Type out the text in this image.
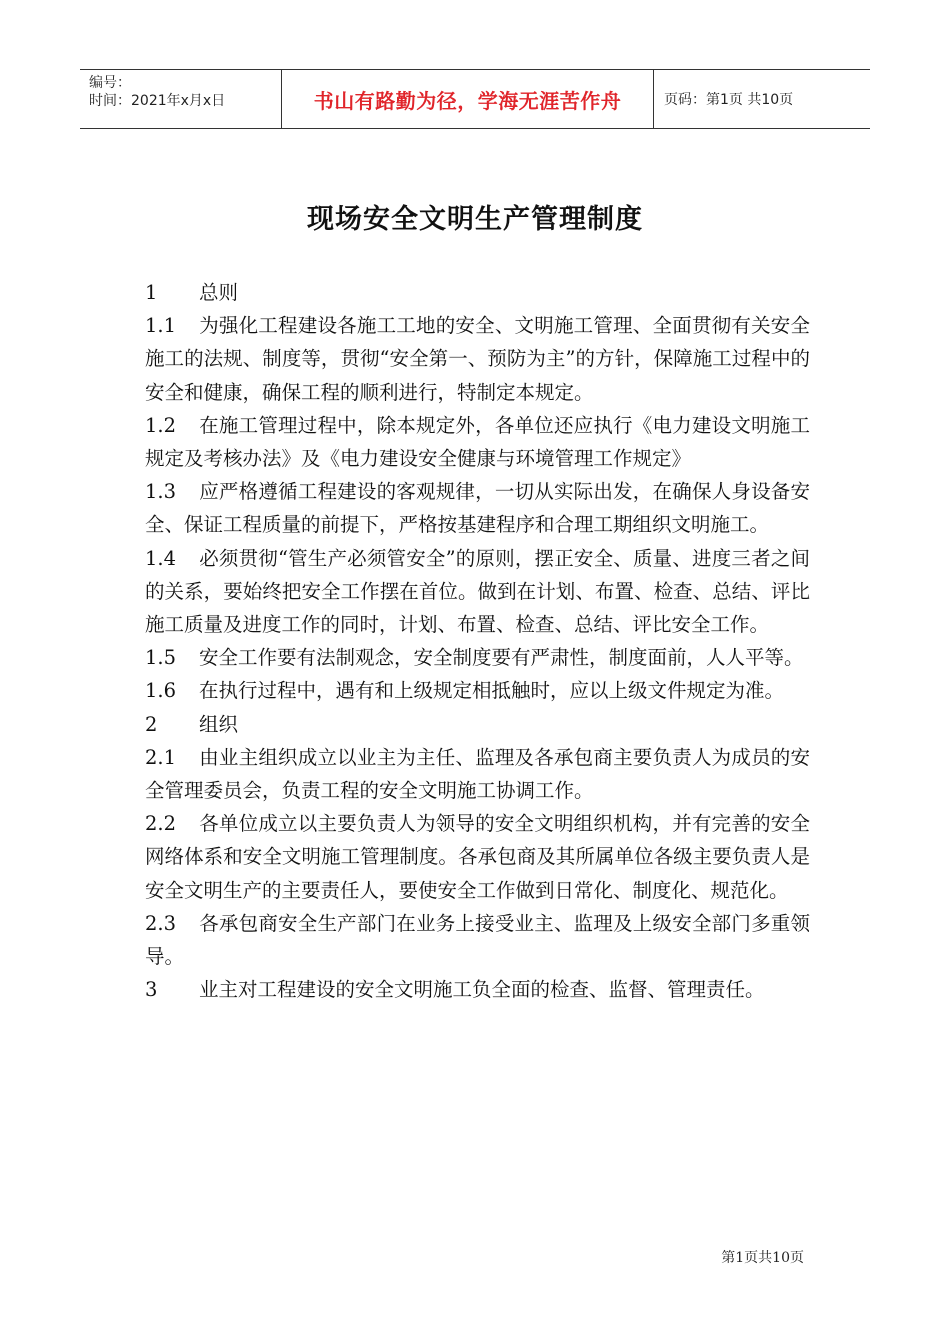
编号：
时间：2021年x月x日	书山有路勤为径，学海无涯苦作舟	页码：第1页 共10页
现场安全文明生产管理制度

1 总则

1.1 为强化工程建设各施工工地的安全、文明施工管理、全面贯彻有关安全施工的法规、制度等，贯彻“安全第一、预防为主”的方针，保障施工过程中的安全和健康，确保工程的顺利进行，特制定本规定。

1.2 在施工管理过程中，除本规定外，各单位还应执行《电力建设文明施工规定及考核办法》及《电力建设安全健康与环境管理工作规定》

1.3 应严格遵循工程建设的客观规律，一切从实际出发，在确保人身设备安全、保证工程质量的前提下，严格按基建程序和合理工期组织文明施工。

1.4 必须贯彻“管生产必须管安全”的原则，摆正安全、质量、进度三者之间的关系，要始终把安全工作摆在首位。做到在计划、布置、检查、总结、评比施工质量及进度工作的同时，计划、布置、检查、总结、评比安全工作。

1.5 安全工作要有法制观念，安全制度要有严肃性，制度面前，人人平等。

1.6 在执行过程中，遇有和上级规定相抵触时，应以上级文件规定为准。

2 组织

2.1 由业主组织成立以业主为主任、监理及各承包商主要负责人为成员的安全管理委员会，负责工程的安全文明施工协调工作。

2.2 各单位成立以主要负责人为领导的安全文明组织机构，并有完善的安全网络体系和安全文明施工管理制度。各承包商及其所属单位各级主要负责人是安全文明生产的主要责任人，要使安全工作做到日常化、制度化、规范化。

2.3 各承包商安全生产部门在业务上接受业主、监理及上级安全部门多重领导。

3 业主对工程建设的安全文明施工负全面的检查、监督、管理责任。

第1页共10页
